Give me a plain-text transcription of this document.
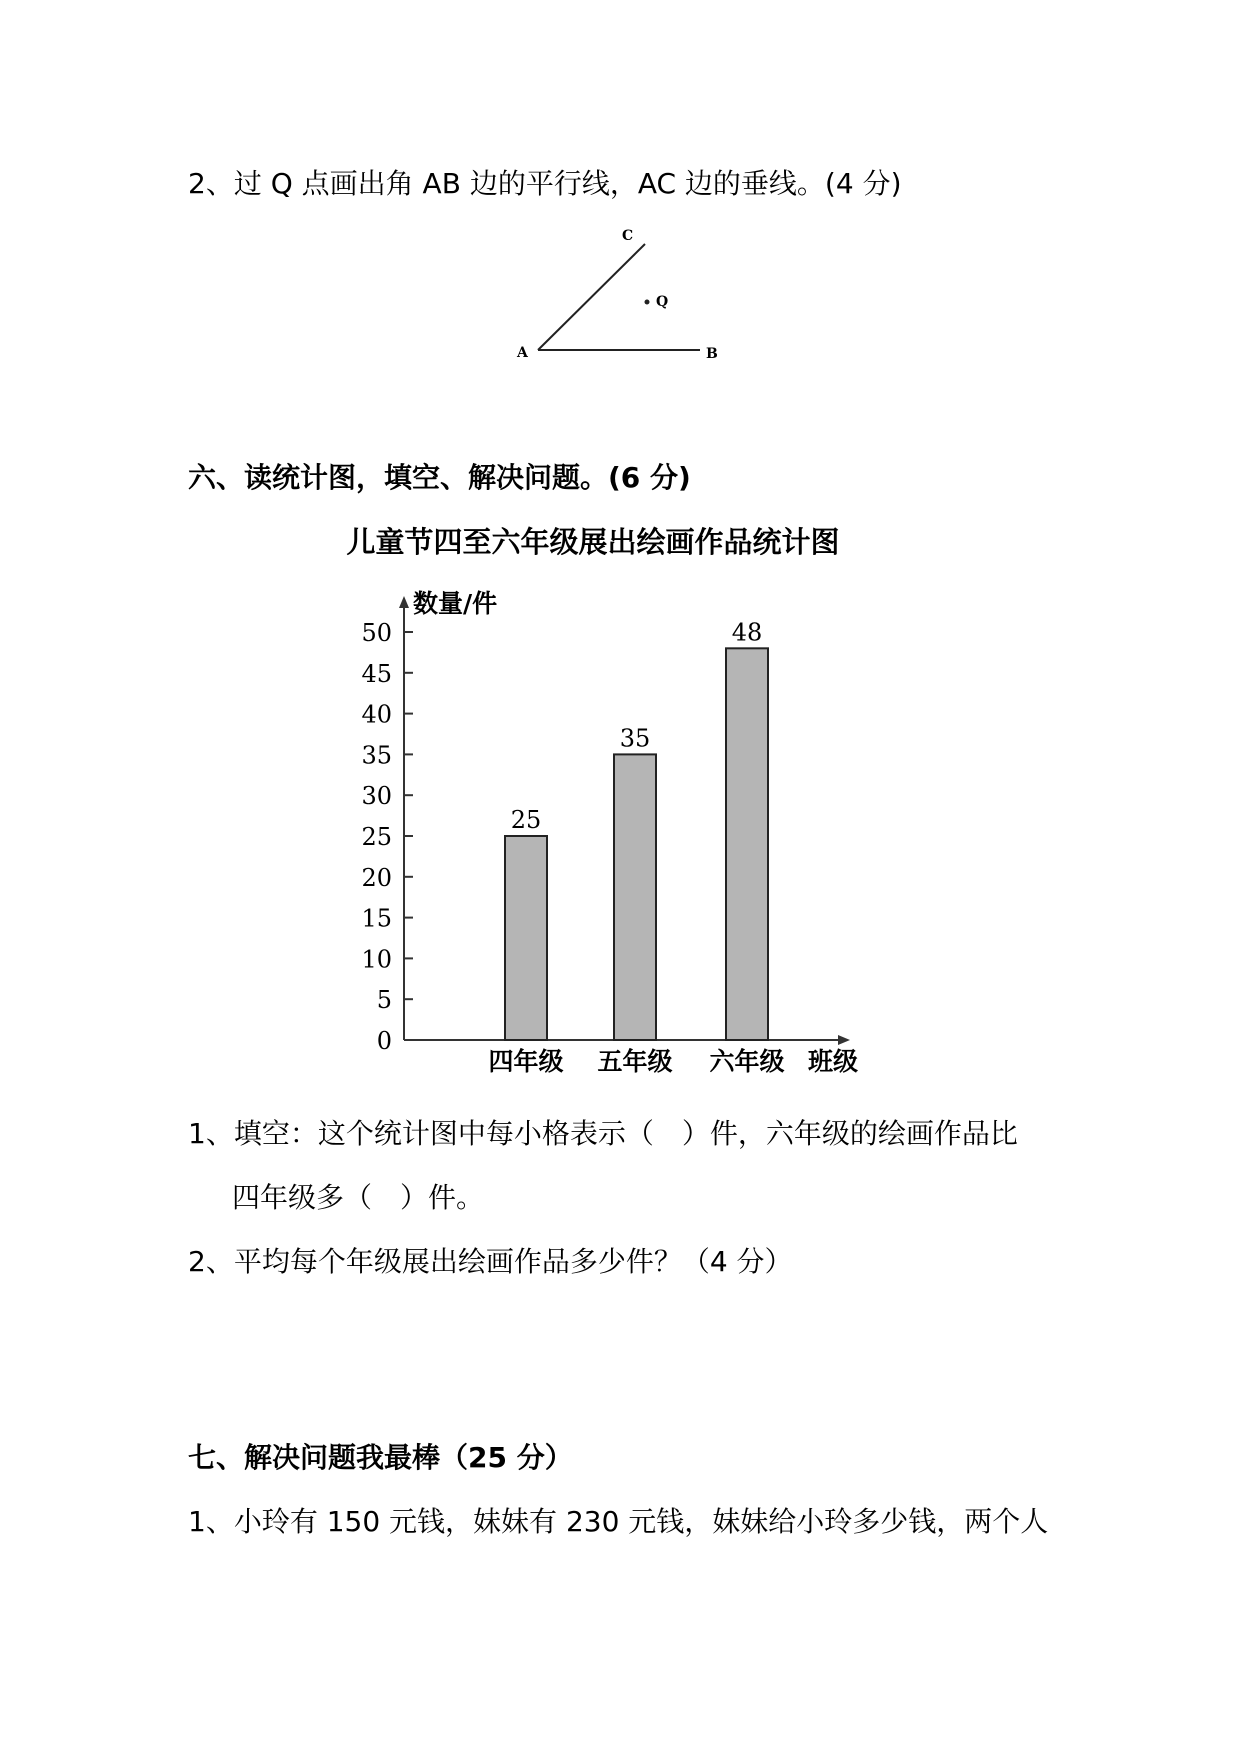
2、过 Q 点画出角 AB 边的平行线，AC 边的垂线。(4 分)
A	B
C
Q
六、读统计图，填空、解决问题。(6 分)
儿童节四至六年级展出绘画作品统计图
数量/件
班级
0
5
10
15
20
25
30
35
40
45
50
25
四年级
35
五年级
48
六年级
1、填空：这个统计图中每小格表示（　）件，六年级的绘画作品比
四年级多（　）件。
2、平均每个年级展出绘画作品多少件？（4 分）
七、解决问题我最棒（25 分）
1、小玲有 150 元钱，妹妹有 230 元钱，妹妹给小玲多少钱，两个人
